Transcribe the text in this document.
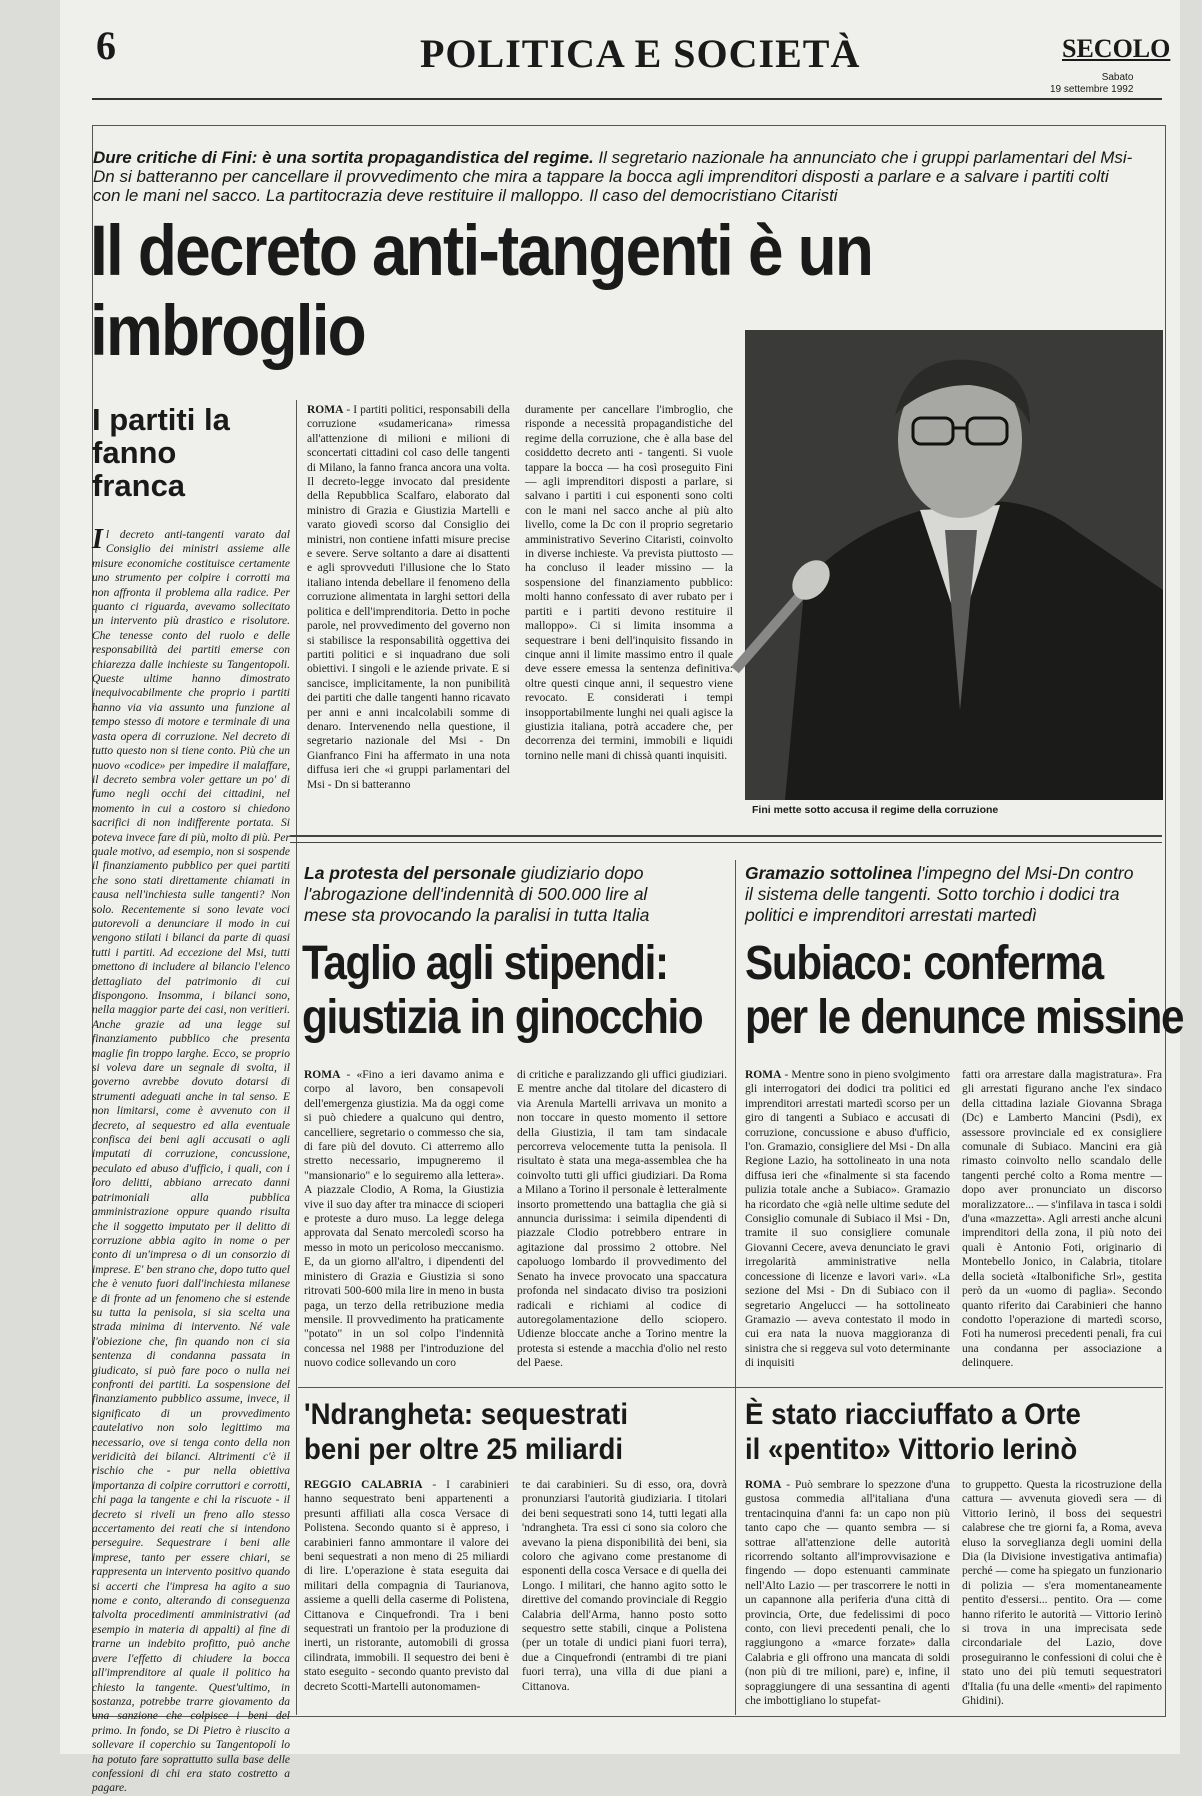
6	POLITICA E SOCIETÀ	SECOLO
Sabato
19 settembre 1992
Dure critiche di Fini: è una sortita propagandistica del regime. Il segretario nazionale ha annunciato che i gruppi parlamentari del Msi-Dn si batteranno per cancellare il provvedimento che mira a tappare la bocca agli imprenditori disposti a parlare e a salvare i partiti colti con le mani nel sacco. La partitocrazia deve restituire il malloppo. Il caso del democristiano Citaristi
Il decreto anti-tangenti è un imbroglio
I partiti la fanno franca
Il decreto anti-tangenti varato dal Consiglio dei ministri assieme alle misure economiche costituisce certamente uno strumento per colpire i corrotti ma non affronta il problema alla radice. Per quanto ci riguarda, avevamo sollecitato un intervento più drastico e risolutore. Che tenesse conto del ruolo e delle responsabilità dei partiti emerse con chiarezza dalle inchieste su Tangentopoli. Queste ultime hanno dimostrato inequivocabilmente che proprio i partiti hanno via via assunto una funzione al tempo stesso di motore e terminale di una vasta opera di corruzione. Nel decreto di tutto questo non si tiene conto. Più che un nuovo «codice» per impedire il malaffare, il decreto sembra voler gettare un po' di fumo negli occhi dei cittadini, nel momento in cui a costoro si chiedono sacrifici di non indifferente portata. Si poteva invece fare di più, molto di più. Per quale motivo, ad esempio, non si sospende il finanziamento pubblico per quei partiti che sono stati direttamente chiamati in causa nell'inchiesta sulle tangenti? Non solo. Recentemente si sono levate voci autorevoli a denunciare il modo in cui vengono stilati i bilanci da parte di quasi tutti i partiti. Ad eccezione del Msi, tutti omettono di includere al bilancio l'elenco dettagliato del patrimonio di cui dispongono. Insomma, i bilanci sono, nella maggior parte dei casi, non veritieri. Anche grazie ad una legge sul finanziamento pubblico che presenta maglie fin troppo larghe. Ecco, se proprio si voleva dare un segnale di svolta, il governo avrebbe dovuto dotarsi di strumenti adeguati anche in tal senso. E non limitarsi, come è avvenuto con il decreto, al sequestro ed alla eventuale confisca dei beni agli accusati o agli imputati di corruzione, concussione, peculato ed abuso d'ufficio, i quali, con i loro delitti, abbiano arrecato danni patrimoniali alla pubblica amministrazione oppure quando risulta che il soggetto imputato per il delitto di corruzione abbia agito in nome o per conto di un'impresa o di un consorzio di imprese. E' ben strano che, dopo tutto quel che è venuto fuori dall'inchiesta milanese e di fronte ad un fenomeno che si estende su tutta la penisola, si sia scelta una strada minima di intervento. Né vale l'obiezione che, fin quando non ci sia sentenza di condanna passata in giudicato, si può fare poco o nulla nei confronti dei partiti. La sospensione del finanziamento pubblico assume, invece, il significato di un provvedimento cautelativo non solo legittimo ma necessario, ove si tenga conto della non veridicità dei bilanci. Altrimenti c'è il rischio che - pur nella obiettiva importanza di colpire corruttori e corrotti, chi paga la tangente e chi la riscuote - il decreto si riveli un freno allo stesso accertamento dei reati che si intendono perseguire. Sequestrare i beni alle imprese, tanto per essere chiari, se rappresenta un intervento positivo quando si accerti che l'impresa ha agito a suo nome e conto, alterando di conseguenza talvolta procedimenti amministrativi (ad esempio in materia di appalti) al fine di trarne un indebito profitto, può anche avere l'effetto di chiudere la bocca all'imprenditore al quale il politico ha chiesto la tangente. Quest'ultimo, in sostanza, potrebbe trarre giovamento da una sanzione che colpisce i beni del primo. In fondo, se Di Pietro è riuscito a sollevare il coperchio su Tangentopoli lo ha potuto fare soprattutto sulla base delle confessioni di chi era stato costretto a pagare.
ROMA - I partiti politici, responsabili della corruzione «sudamericana» rimessa all'attenzione di milioni e milioni di sconcertati cittadini col caso delle tangenti di Milano, la fanno franca ancora una volta. Il decreto-legge invocato dal presidente della Repubblica Scalfaro, elaborato dal ministro di Grazia e Giustizia Martelli e varato giovedì scorso dal Consiglio dei ministri, non contiene infatti misure precise e severe. Serve soltanto a dare ai disattenti e agli sprovveduti l'illusione che lo Stato italiano intenda debellare il fenomeno della corruzione alimentata in larghi settori della politica e dell'imprenditoria. Detto in poche parole, nel provvedimento del governo non si stabilisce la responsabilità oggettiva dei partiti politici e si inquadrano due soli obiettivi. I singoli e le aziende private. E si sancisce, implicitamente, la non punibilità dei partiti che dalle tangenti hanno ricavato per anni e anni incalcolabili somme di denaro. Intervenendo nella questione, il segretario nazionale del Msi - Dn Gianfranco Fini ha affermato in una nota diffusa ieri che «i gruppi parlamentari del Msi - Dn si batteranno
duramente per cancellare l'imbroglio, che risponde a necessità propagandistiche del regime della corruzione, che è alla base del cosiddetto decreto anti - tangenti. Si vuole tappare la bocca — ha così proseguito Fini — agli imprenditori disposti a parlare, si salvano i partiti i cui esponenti sono colti con le mani nel sacco anche al più alto livello, come la Dc con il proprio segretario amministrativo Severino Citaristi, coinvolto in diverse inchieste. Va prevista piuttosto — ha concluso il leader missino — la sospensione del finanziamento pubblico: molti hanno confessato di aver rubato per i partiti e i partiti devono restituire il malloppo». Ci si limita insomma a sequestrare i beni dell'inquisito fissando in cinque anni il limite massimo entro il quale deve essere emessa la sentenza definitiva: oltre questi cinque anni, il sequestro viene revocato. E considerati i tempi insopportabilmente lunghi nei quali agisce la giustizia italiana, potrà accadere che, per decorrenza dei termini, immobili e liquidi tornino nelle mani di chissà quanti inquisiti.
Fini mette sotto accusa il regime della corruzione
La protesta del personale giudiziario dopo l'abrogazione dell'indennità di 500.000 lire al mese sta provocando la paralisi in tutta Italia
Taglio agli stipendi:
giustizia in ginocchio
ROMA - «Fino a ieri davamo anima e corpo al lavoro, ben consapevoli dell'emergenza giustizia. Ma da oggi come si può chiedere a qualcuno qui dentro, cancelliere, segretario o commesso che sia, di fare più del dovuto. Ci atterremo allo stretto necessario, impugneremo il "mansionario" e lo seguiremo alla lettera». A piazzale Clodio, A Roma, la Giustizia vive il suo day after tra minacce di scioperi e proteste a duro muso. La legge delega approvata dal Senato mercoledì scorso ha messo in moto un pericoloso meccanismo. E, da un giorno all'altro, i dipendenti del ministero di Grazia e Giustizia si sono ritrovati 500-600 mila lire in meno in busta paga, un terzo della retribuzione media mensile. Il provvedimento ha praticamente "potato" in un sol colpo l'indennità concessa nel 1988 per l'introduzione del nuovo codice sollevando un coro
di critiche e paralizzando gli uffici giudiziari. E mentre anche dal titolare del dicastero di via Arenula Martelli arrivava un monito a non toccare in questo momento il settore della Giustizia, il tam tam sindacale percorreva velocemente tutta la penisola. Il risultato è stata una mega-assemblea che ha coinvolto tutti gli uffici giudiziari. Da Roma a Milano a Torino il personale è letteralmente insorto promettendo una battaglia che già si annuncia durissima: i seimila dipendenti di piazzale Clodio potrebbero entrare in agitazione dal prossimo 2 ottobre. Nel capoluogo lombardo il provvedimento del Senato ha invece provocato una spaccatura profonda nel sindacato diviso tra posizioni radicali e richiami al codice di autoregolamentazione dello sciopero. Udienze bloccate anche a Torino mentre la protesta si estende a macchia d'olio nel resto del Paese.
Gramazio sottolinea l'impegno del Msi-Dn contro il sistema delle tangenti. Sotto torchio i dodici tra politici e imprenditori arrestati martedì
Subiaco: conferma
per le denunce missine
ROMA - Mentre sono in pieno svolgimento gli interrogatori dei dodici tra politici ed imprenditori arrestati martedì scorso per un giro di tangenti a Subiaco e accusati di corruzione, concussione e abuso d'ufficio, l'on. Gramazio, consigliere del Msi - Dn alla Regione Lazio, ha sottolineato in una nota diffusa ieri che «finalmente si sta facendo pulizia totale anche a Subiaco». Gramazio ha ricordato che «già nelle ultime sedute del Consiglio comunale di Subiaco il Msi - Dn, tramite il suo consigliere comunale Giovanni Cecere, aveva denunciato le gravi irregolarità amministrative nella concessione di licenze e lavori vari». «La sezione del Msi - Dn di Subiaco con il segretario Angelucci — ha sottolineato Gramazio — aveva contestato il modo in cui era nata la nuova maggioranza di sinistra che si reggeva sul voto determinante di inquisiti
fatti ora arrestare dalla magistratura». Fra gli arrestati figurano anche l'ex sindaco della cittadina laziale Giovanna Sbraga (Dc) e Lamberto Mancini (Psdi), ex assessore provinciale ed ex consigliere comunale di Subiaco. Mancini era già rimasto coinvolto nello scandalo delle tangenti perché colto a Roma mentre — dopo aver pronunciato un discorso moralizzatore... — s'infilava in tasca i soldi d'una «mazzetta». Agli arresti anche alcuni imprenditori della zona, il più noto dei quali è Antonio Foti, originario di Montebello Jonico, in Calabria, titolare della società «Italbonifiche Srl», gestita però da un «uomo di paglia». Secondo quanto riferito dai Carabinieri che hanno condotto l'operazione di martedì scorso, Foti ha numerosi precedenti penali, fra cui una condanna per associazione a delinquere.
'Ndrangheta: sequestrati
beni per oltre 25 miliardi
REGGIO CALABRIA - I carabinieri hanno sequestrato beni appartenenti a presunti affiliati alla cosca Versace di Polistena. Secondo quanto si è appreso, i carabinieri fanno ammontare il valore dei beni sequestrati a non meno di 25 miliardi di lire. L'operazione è stata eseguita dai militari della compagnia di Taurianova, assieme a quelli della caserme di Polistena, Cittanova e Cinquefrondi. Tra i beni sequestrati un frantoio per la produzione di inerti, un ristorante, automobili di grossa cilindrata, immobili. Il sequestro dei beni è stato eseguito - secondo quanto previsto dal decreto Scotti-Martelli autonomamen-
te dai carabinieri. Su di esso, ora, dovrà pronunziarsi l'autorità giudiziaria. I titolari dei beni sequestrati sono 14, tutti legati alla 'ndrangheta. Tra essi ci sono sia coloro che avevano la piena disponibilità dei beni, sia coloro che agivano come prestanome di esponenti della cosca Versace e di quella dei Longo. I militari, che hanno agito sotto le direttive del comando provinciale di Reggio Calabria dell'Arma, hanno posto sotto sequestro sette stabili, cinque a Polistena (per un totale di undici piani fuori terra), due a Cinquefrondi (entrambi di tre piani fuori terra), una villa di due piani a Cittanova.
È stato riacciuffato a Orte
il «pentito» Vittorio Ierinò
ROMA - Può sembrare lo spezzone d'una gustosa commedia all'italiana d'una trentacinquina d'anni fa: un capo non più tanto capo che — quanto sembra — si sottrae all'attenzione delle autorità ricorrendo soltanto all'improvvisazione e fingendo — dopo estenuanti camminate nell'Alto Lazio — per trascorrere le notti in un capannone alla periferia d'una città di provincia, Orte, due fedelissimi di poco conto, con lievi precedenti penali, che lo raggiungono a «marce forzate» dalla Calabria e gli offrono una mancata di soldi (non più di tre milioni, pare) e, infine, il sopraggiungere di una sessantina di agenti che imbottigliano lo stupefat-
to gruppetto. Questa la ricostruzione della cattura — avvenuta giovedì sera — di Vittorio Ierinò, il boss dei sequestri calabrese che tre giorni fa, a Roma, aveva eluso la sorveglianza degli uomini della Dia (la Divisione investigativa antimafia) perché — come ha spiegato un funzionario di polizia — s'era momentaneamente pentito d'essersi... pentito. Ora — come hanno riferito le autorità — Vittorio Ierinò si trova in una imprecisata sede circondariale del Lazio, dove proseguiranno le confessioni di colui che è stato uno dei più temuti sequestratori d'Italia (fu una delle «menti» del rapimento Ghidini).
